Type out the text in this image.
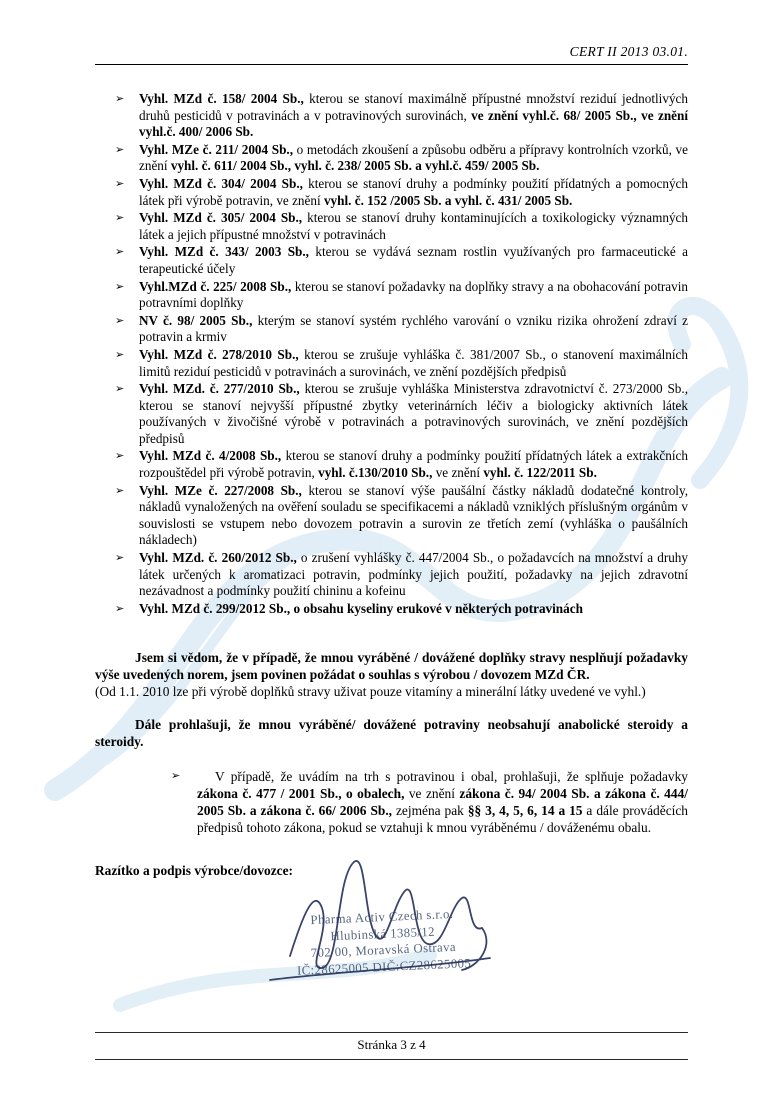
CERT II 2013 03.01.
➢	Vyhl. MZd č. 158/ 2004 Sb., kterou se stanoví maximálně přípustné množství reziduí jednotlivých druhů pesticidů v potravinách a v potravinových surovinách, ve znění vyhl.č. 68/ 2005 Sb., ve znění vyhl.č. 400/ 2006 Sb.
➢	Vyhl. MZe č. 211/ 2004 Sb., o metodách zkoušení a způsobu odběru a přípravy kontrolních vzorků, ve znění vyhl. č. 611/ 2004 Sb., vyhl. č. 238/ 2005 Sb. a vyhl.č. 459/ 2005 Sb.
➢	Vyhl. MZd č. 304/ 2004 Sb., kterou se stanoví druhy a podmínky použití přídatných a pomocných látek při výrobě potravin, ve znění vyhl. č. 152 /2005 Sb. a vyhl. č. 431/ 2005 Sb.
➢	Vyhl. MZd č. 305/ 2004 Sb., kterou se stanoví druhy kontaminujících a toxikologicky významných látek a jejich přípustné množství v potravinách
➢	Vyhl. MZd č. 343/ 2003 Sb., kterou se vydává seznam rostlin využívaných pro farmaceutické a terapeutické účely
➢	Vyhl.MZd č. 225/ 2008 Sb., kterou se stanoví požadavky na doplňky stravy a na obohacování potravin potravními doplňky
➢	NV č. 98/ 2005 Sb., kterým se stanoví systém rychlého varování o vzniku rizika ohrožení zdraví z potravin a krmiv
➢	Vyhl. MZd č. 278/2010 Sb., kterou se zrušuje vyhláška č. 381/2007 Sb., o stanovení maximálních limitů reziduí pesticidů v potravinách a surovinách, ve znění pozdějších předpisů
➢	Vyhl. MZd. č. 277/2010 Sb., kterou se zrušuje vyhláška Ministerstva zdravotnictví č. 273/2000 Sb., kterou se stanoví nejvyšší přípustné zbytky veterinárních léčiv a biologicky aktivních látek používaných v živočišné výrobě v potravinách a potravinových surovinách, ve znění pozdějších předpisů
➢	Vyhl. MZd č. 4/2008 Sb., kterou se stanoví druhy a podmínky použití přídatných látek a extrakčních rozpouštědel při výrobě potravin, vyhl. č.130/2010 Sb., ve znění vyhl. č. 122/2011 Sb.
➢	Vyhl. MZe č. 227/2008 Sb., kterou se stanoví výše paušální částky nákladů dodatečné kontroly, nákladů vynaložených na ověření souladu se specifikacemi a nákladů vzniklých příslušným orgánům v souvislosti se vstupem nebo dovozem potravin a surovin ze třetích zemí (vyhláška o paušálních nákladech)
➢	Vyhl. MZd. č. 260/2012 Sb., o zrušení vyhlášky č. 447/2004 Sb., o požadavcích na množství a druhy látek určených k aromatizaci potravin, podmínky jejich použití, požadavky na jejich zdravotní nezávadnost a podmínky použití chininu a kofeinu
➢	Vyhl. MZd č. 299/2012 Sb., o obsahu kyseliny erukové v některých potravinách

Jsem si vědom, že v případě, že mnou vyráběné / dovážené doplňky stravy nesplňují požadavky výše uvedených norem, jsem povinen požádat o souhlas s výrobou / dovozem MZd ČR.

(Od 1.1. 2010 lze při výrobě doplňků stravy uživat pouze vitamíny a minerální látky uvedené ve vyhl.)

Dále prohlašuji, že mnou vyráběné/ dovážené potraviny neobsahují anabolické steroidy a steroidy.

➢	V případě, že uvádím na trh s potravinou i obal, prohlašuji, že splňuje požadavky zákona č. 477 / 2001 Sb., o obalech, ve znění zákona č. 94/ 2004 Sb. a zákona č. 444/ 2005 Sb. a zákona č. 66/ 2006 Sb., zejména pak §§ 3, 4, 5, 6, 14 a 15 a dále prováděcích předpisů tohoto zákona, pokud se vztahuji k mnou vyráběnému / dováženému obalu.

Razítko a podpis výrobce/dovozce:

Pharma Activ Czech s.r.o.
Hlubinská 1385/12
702 00, Moravská Ostrava
IČ:28625005 DIČ:CZ28625005
Stránka 3 z 4
